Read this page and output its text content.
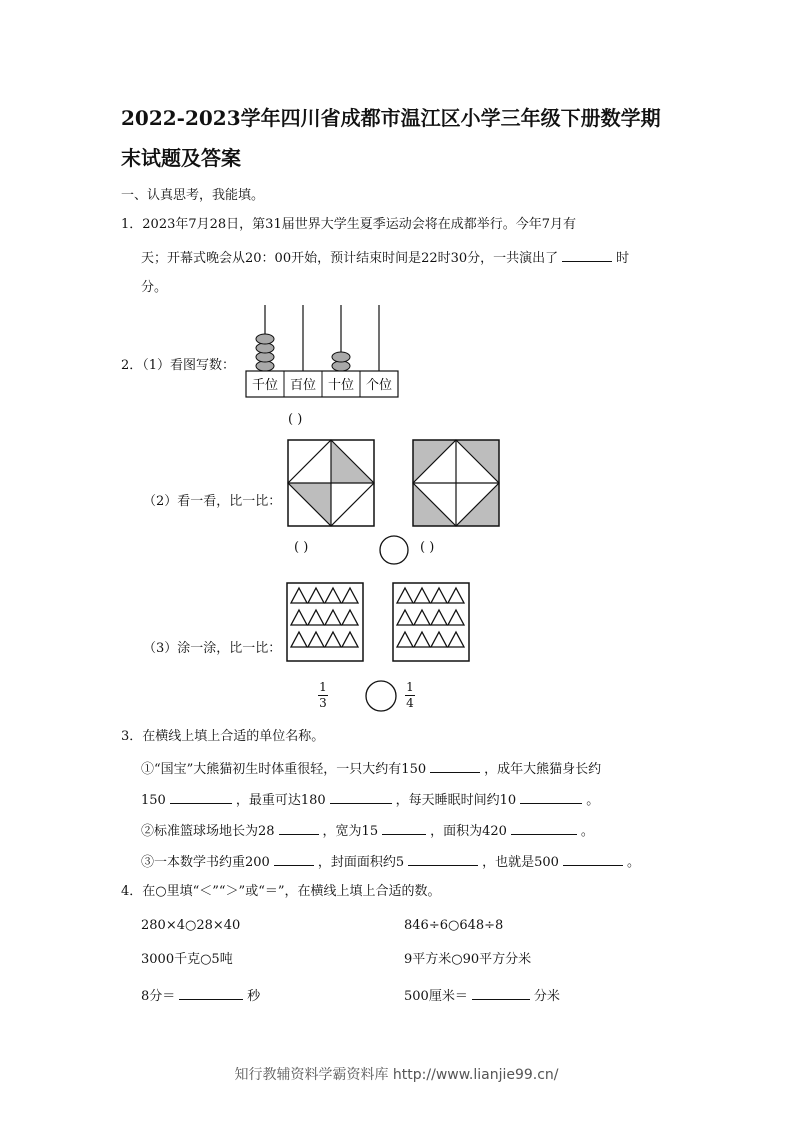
2022-2023学年四川省成都市温江区小学三年级下册数学期
末试题及答案
一、认真思考，我能填。
1．2023年7月28日，第31届世界大学生夏季运动会将在成都举行。今年7月有
天；开幕式晚会从20：00开始，预计结束时间是22时30分，一共演出了	时
分。
2．（1）看图写数：
千位 百位 十位 个位
( )
（2）看一看，比一比：
( )	( )
（3）涂一涂，比一比：
1
3
1
4
3．在横线上填上合适的单位名称。
①“国宝”大熊猫初生时体重很轻，一只大约有150	，成年大熊猫身长约
150	，最重可达180	，每天睡眠时间约10	。
②标准篮球场地长为28	，宽为15	，面积为420	。
③一本数学书约重200	，封面面积约5	，也就是500	。
4．在○里填“＜”“＞”或“＝”，在横线上填上合适的数。
280×4○28×40	846÷6○648÷8
3000千克○5吨	9平方米○90平方分米
8分＝	秒	500厘米＝	分米
知行教辅资料学霸资料库 http://www.lianjie99.cn/
